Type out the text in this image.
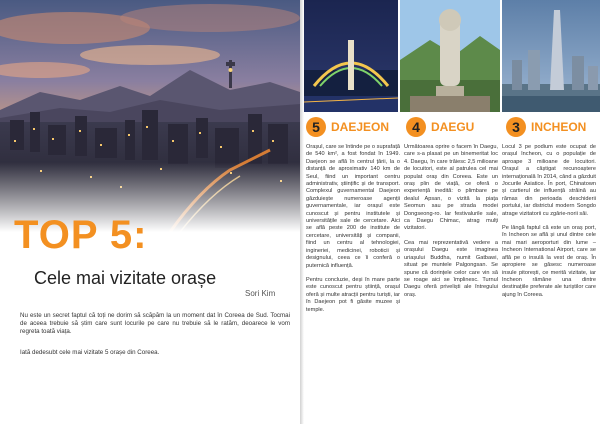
TOP 5:
Cele mai vizitate orașe
Sori Kim
Nu este un secret faptul că toți ne dorim să scăpăm la un moment dat în Coreea de Sud. Tocmai de aceea trebuie să știm care sunt locurile pe care nu trebuie să le ratăm, deoarece le vom regreta toată viața.
Iată dedesubt cele mai vizitate 5 orașe din Coreea.
5 DAEJEON	4 DAEGU	3 INCHEON

Orașul, care se întinde pe o suprafață de 540 km², a fost fondat în 1949. Daejeon se află în centrul țării, la o distanță de aproximativ 140 km de Seul, fiind un important centru administrativ, științific și de transport. Complexul guvernamental Daejeon găzduiește numeroase agenții guvernamentale, iar orașul este cunoscut și pentru institutele și universitățile sale de cercetare. Aici se află peste 200 de institute de cercetare, universități și companii, fiind un centru al tehnologiei, ingineriei, medicinei, roboticii și designului, ceea ce îi conferă o puternică influență.

Pentru concluzie, deși în mare parte este cunoscut pentru știință, orașul oferă și multe atracții pentru turiști, iar în Daejeon pot fi găsite muzee și temple.

Următoarea oprire o facem în Daegu, care s-a plasat pe un binemeritat loc 4. Daegu, în care trăiesc 2,5 milioane de locuitori, este al patrulea cel mai populat oraș din Coreea. Este un oraș plin de viață, ce oferă o experiență inedită: o plimbare pe dealul Apsan, o vizită la piața Seomun sau pe strada modei Dongseong-ro. Iar festivalurile sale, ca Daegu Chimac, atrag mulți vizitatori.

Cea mai reprezentativă vedere a orașului Daegu este imaginea uriașului Buddha, numit Gatbawi, situat pe muntele Palgongsan. Se spune că dorințele celor care vin să se roage aici se împlinesc. Turnul Daegu oferă priveliști ale întregului oraș.

Locul 3 pe podium este ocupat de orașul Incheon, cu o populație de aproape 3 milioane de locuitori. Orașul a câștigat recunoaștere internațională în 2014, când a găzduit Jocurile Asiatice. În port, Chinatown și cartierul de influență străină au rămas din perioada deschiderii portului, iar districtul modern Songdo atrage vizitatorii cu zgârie-norii săi.

Pe lângă faptul că este un oraș port, în Incheon se află și unul dintre cele mai mari aeroporturi din lume – Incheon International Airport, care se află pe o insulă la vest de oraș. În apropiere se găsesc numeroase insule pitorești, ce merită vizitate, iar Incheon rămâne una dintre destinațiile preferate ale turiștilor care ajung în Coreea.
